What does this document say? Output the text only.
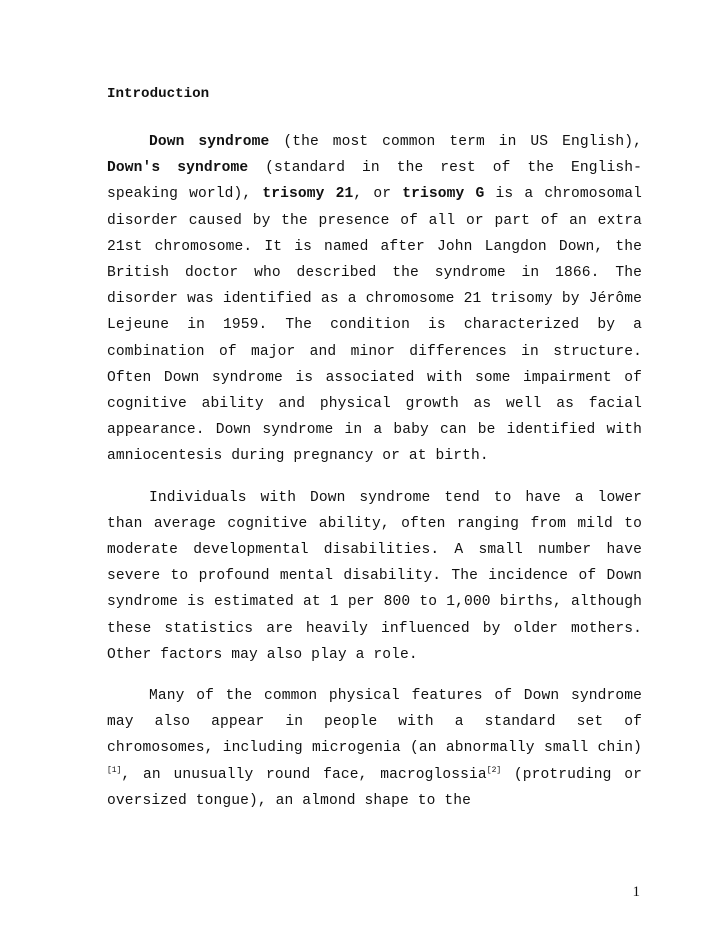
Introduction

Down syndrome (the most common term in US English), Down's syndrome (standard in the rest of the English-speaking world), trisomy 21, or trisomy G is a chromosomal disorder caused by the presence of all or part of an extra 21st chromosome. It is named after John Langdon Down, the British doctor who described the syndrome in 1866. The disorder was identified as a chromosome 21 trisomy by Jérôme Lejeune in 1959. The condition is characterized by a combination of major and minor differences in structure. Often Down syndrome is associated with some impairment of cognitive ability and physical growth as well as facial appearance. Down syndrome in a baby can be identified with amniocentesis during pregnancy or at birth.

Individuals with Down syndrome tend to have a lower than average cognitive ability, often ranging from mild to moderate developmental disabilities. A small number have severe to profound mental disability. The incidence of Down syndrome is estimated at 1 per 800 to 1,000 births, although these statistics are heavily influenced by older mothers. Other factors may also play a role.

Many of the common physical features of Down syndrome may also appear in people with a standard set of chromosomes, including microgenia (an abnormally small chin)[1], an unusually round face, macroglossia[2] (protruding or oversized tongue), an almond shape to the

1
